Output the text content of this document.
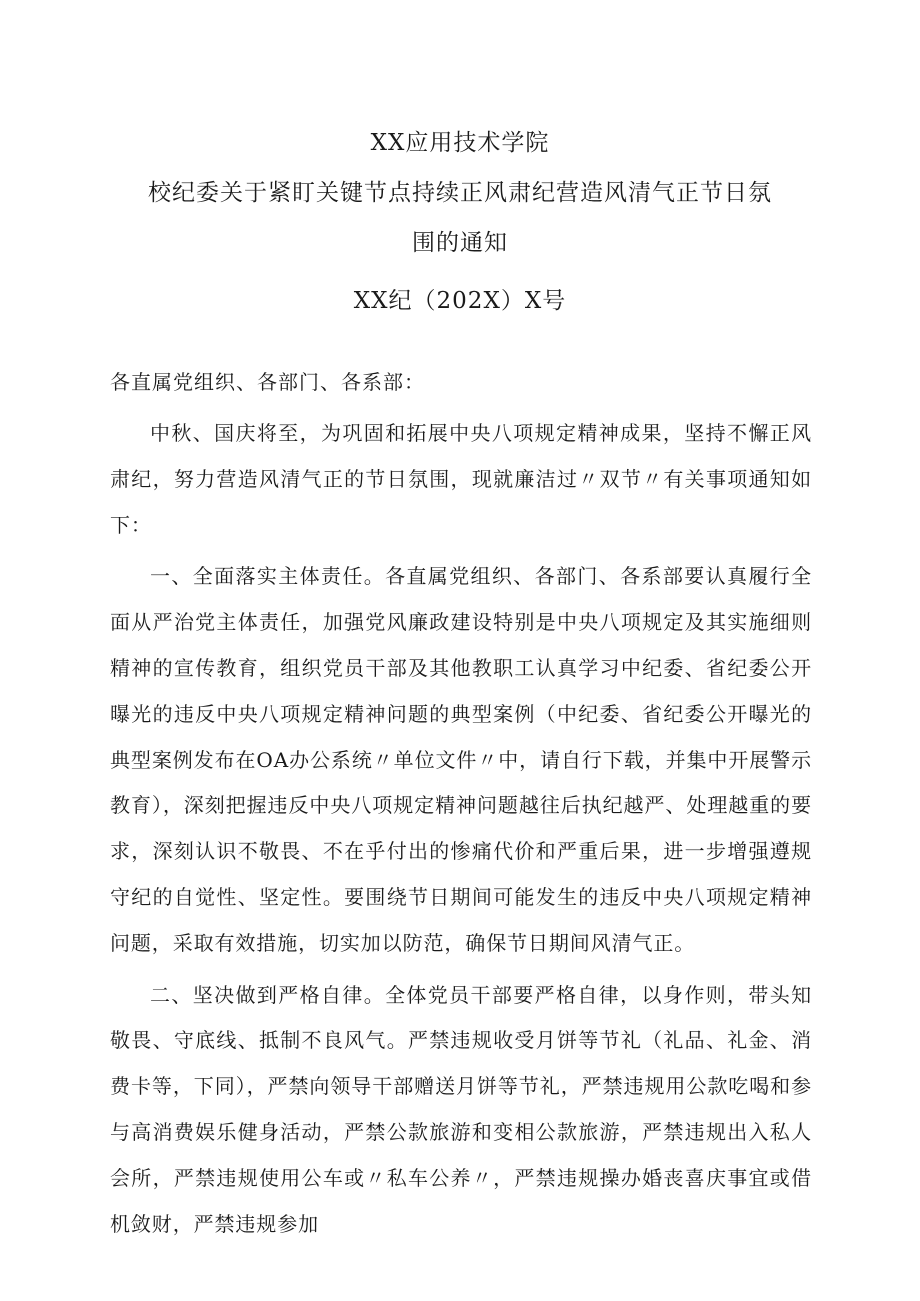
XX应用技术学院
校纪委关于紧盯关键节点持续正风肃纪营造风清气正节日氛
围的通知
XX纪（202X）X号

各直属党组织、各部门、各系部：

中秋、国庆将至，为巩固和拓展中央八项规定精神成果，坚持不懈正风肃纪，努力营造风清气正的节日氛围，现就廉洁过〃双节〃有关事项通知如下：

一、全面落实主体责任。各直属党组织、各部门、各系部要认真履行全面从严治党主体责任，加强党风廉政建设特别是中央八项规定及其实施细则精神的宣传教育，组织党员干部及其他教职工认真学习中纪委、省纪委公开曝光的违反中央八项规定精神问题的典型案例（中纪委、省纪委公开曝光的典型案例发布在OA办公系统〃单位文件〃中，请自行下载，并集中开展警示教育），深刻把握违反中央八项规定精神问题越往后执纪越严、处理越重的要求，深刻认识不敬畏、不在乎付出的惨痛代价和严重后果，进一步增强遵规守纪的自觉性、坚定性。要围绕节日期间可能发生的违反中央八项规定精神问题，采取有效措施，切实加以防范，确保节日期间风清气正。

二、坚决做到严格自律。全体党员干部要严格自律，以身作则，带头知敬畏、守底线、抵制不良风气。严禁违规收受月饼等节礼（礼品、礼金、消费卡等，下同），严禁向领导干部赠送月饼等节礼，严禁违规用公款吃喝和参与高消费娱乐健身活动，严禁公款旅游和变相公款旅游，严禁违规出入私人会所，严禁违规使用公车或〃私车公养〃，严禁违规操办婚丧喜庆事宜或借机敛财，严禁违规参加
